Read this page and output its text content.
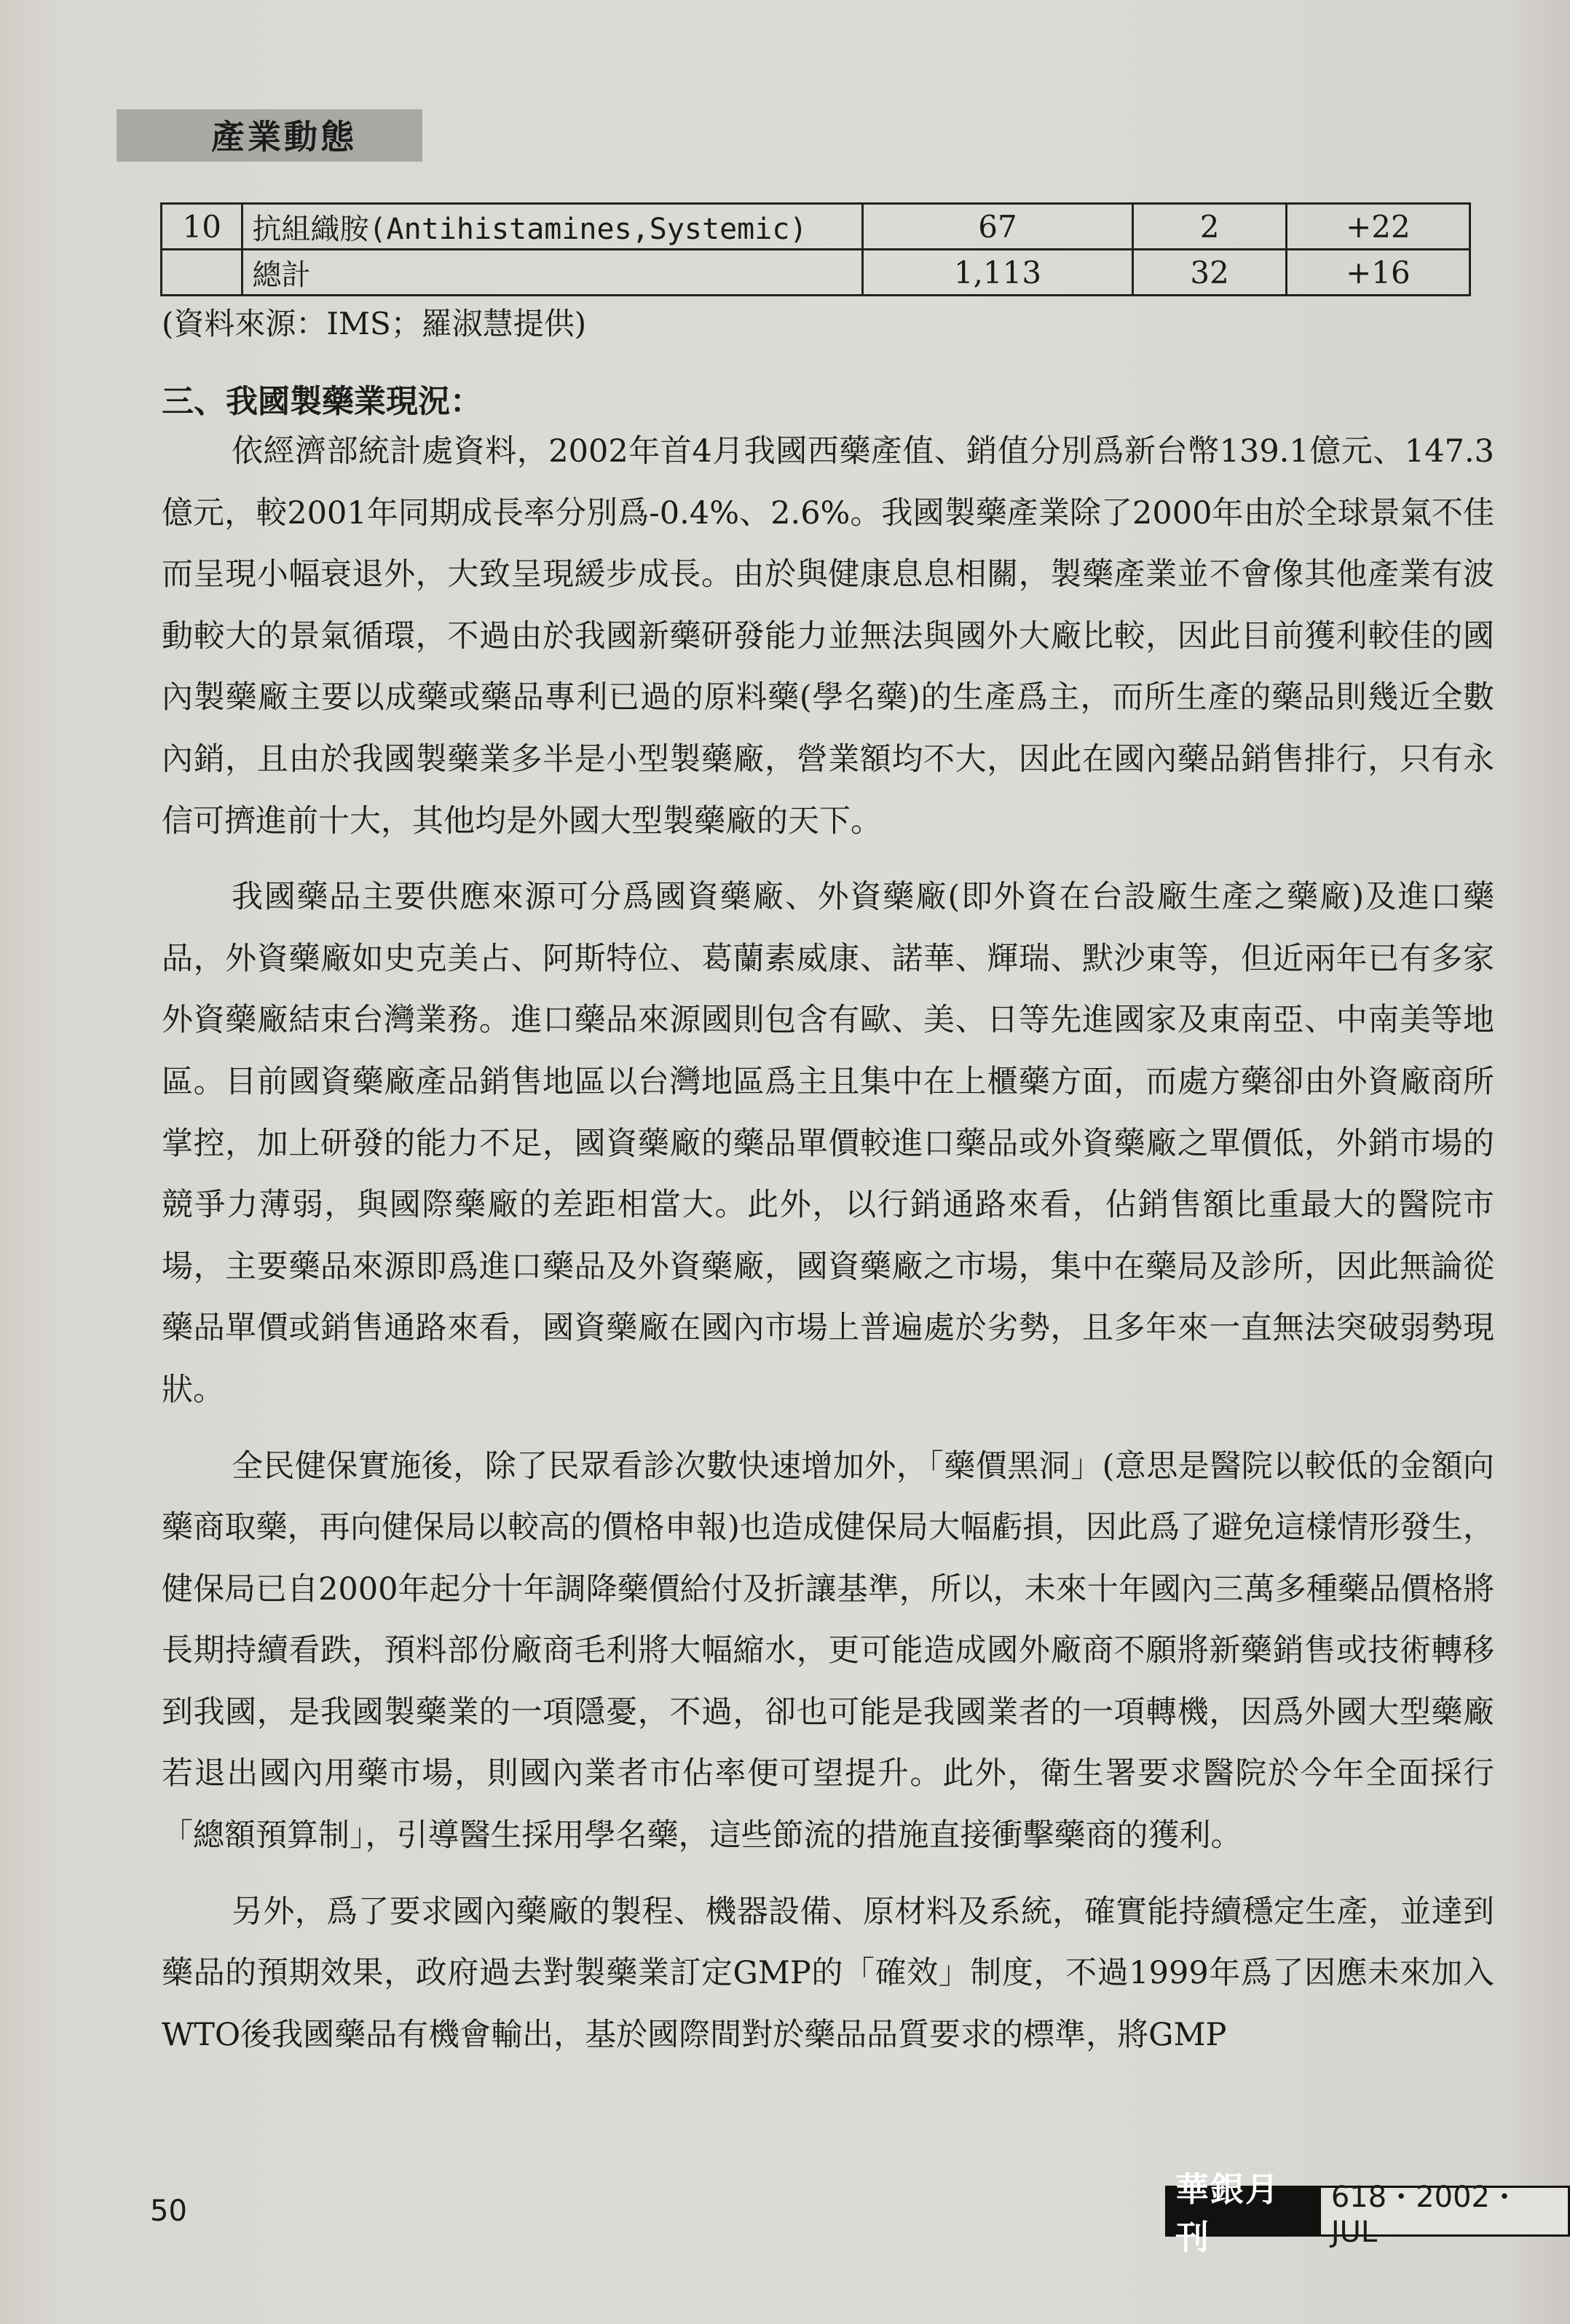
產業動態
10	抗組織胺(Antihistamines,Systemic)	67	2	+22
	總計	1,113	32	+16
(資料來源：IMS；羅淑慧提供)
三、我國製藥業現況：

依經濟部統計處資料，2002年首4月我國西藥產值、銷值分別爲新台幣139.1億元、147.3億元，較2001年同期成長率分別爲-0.4%、2.6%。我國製藥產業除了2000年由於全球景氣不佳而呈現小幅衰退外，大致呈現緩步成長。由於與健康息息相關，製藥產業並不會像其他產業有波動較大的景氣循環，不過由於我國新藥研發能力並無法與國外大廠比較，因此目前獲利較佳的國內製藥廠主要以成藥或藥品專利已過的原料藥(學名藥)的生產爲主，而所生產的藥品則幾近全數內銷，且由於我國製藥業多半是小型製藥廠，營業額均不大，因此在國內藥品銷售排行，只有永信可擠進前十大，其他均是外國大型製藥廠的天下。

我國藥品主要供應來源可分爲國資藥廠、外資藥廠(即外資在台設廠生產之藥廠)及進口藥品，外資藥廠如史克美占、阿斯特位、葛蘭素威康、諾華、輝瑞、默沙東等，但近兩年已有多家外資藥廠結束台灣業務。進口藥品來源國則包含有歐、美、日等先進國家及東南亞、中南美等地區。目前國資藥廠產品銷售地區以台灣地區爲主且集中在上櫃藥方面，而處方藥卻由外資廠商所掌控，加上研發的能力不足，國資藥廠的藥品單價較進口藥品或外資藥廠之單價低，外銷市場的競爭力薄弱，與國際藥廠的差距相當大。此外，以行銷通路來看，佔銷售額比重最大的醫院市場，主要藥品來源即爲進口藥品及外資藥廠，國資藥廠之市場，集中在藥局及診所，因此無論從藥品單價或銷售通路來看，國資藥廠在國內市場上普遍處於劣勢，且多年來一直無法突破弱勢現狀。

全民健保實施後，除了民眾看診次數快速增加外，「藥價黑洞」(意思是醫院以較低的金額向藥商取藥，再向健保局以較高的價格申報)也造成健保局大幅虧損，因此爲了避免這樣情形發生，健保局已自2000年起分十年調降藥價給付及折讓基準，所以，未來十年國內三萬多種藥品價格將長期持續看跌，預料部份廠商毛利將大幅縮水，更可能造成國外廠商不願將新藥銷售或技術轉移到我國，是我國製藥業的一項隱憂，不過，卻也可能是我國業者的一項轉機，因爲外國大型藥廠若退出國內用藥市場，則國內業者市佔率便可望提升。此外，衛生署要求醫院於今年全面採行「總額預算制」，引導醫生採用學名藥，這些節流的措施直接衝擊藥商的獲利。

另外，爲了要求國內藥廠的製程、機器設備、原材料及系統，確實能持續穩定生產，並達到藥品的預期效果，政府過去對製藥業訂定GMP的「確效」制度，不過1999年爲了因應未來加入WTO後我國藥品有機會輸出，基於國際間對於藥品品質要求的標準，將GMP

50
華銀月刊
618・2002・JUL
